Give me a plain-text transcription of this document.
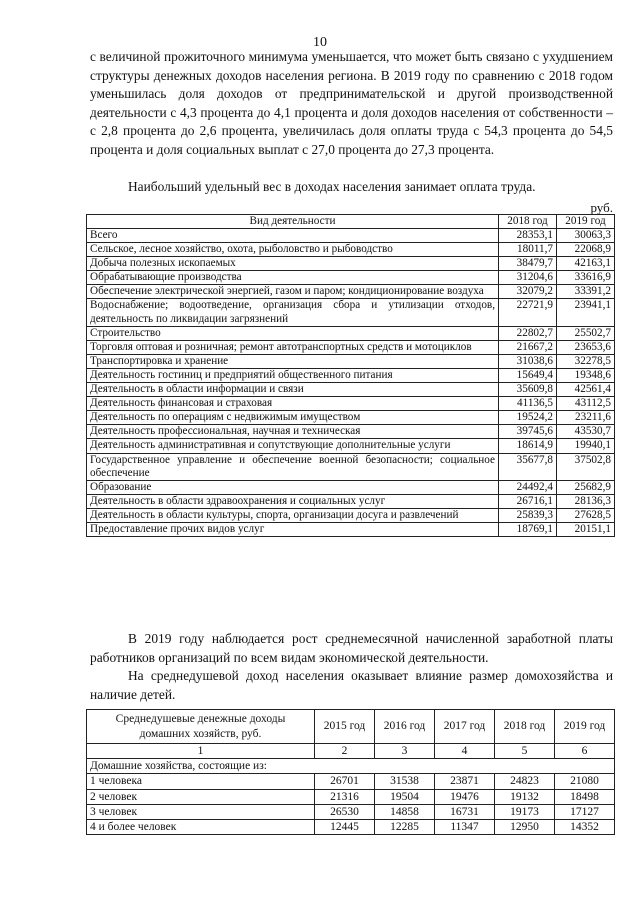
10

с величиной прожиточного минимума уменьшается, что может быть связано с ухудшением структуры денежных доходов населения региона. В 2019 году по сравнению с 2018 годом уменьшилась доля доходов от предпринимательской и другой производственной деятельности с 4,3 процента до 4,1 процента и доля доходов населения от собственности – с 2,8 процента до 2,6 процента, увеличилась доля оплаты труда с 54,3 процента до 54,5 процента и доля социальных выплат с 27,0 процента до 27,3 процента.

Наибольший удельный вес в доходах населения занимает оплата труда.

руб.
Вид деятельности	2018 год	2019 год
Всего	28353,1	30063,3
Сельское, лесное хозяйство, охота, рыболовство и рыбоводство	18011,7	22068,9
Добыча полезных ископаемых	38479,7	42163,1
Обрабатывающие производства	31204,6	33616,9
Обеспечение электрической энергией, газом и паром; кондиционирование воздуха	32079,2	33391,2
Водоснабжение; водоотведение, организация сбора и утилизации отходов, деятельность по ликвидации загрязнений	22721,9	23941,1
Строительство	22802,7	25502,7
Торговля оптовая и розничная; ремонт автотранспортных средств и мотоциклов	21667,2	23653,6
Транспортировка и хранение	31038,6	32278,5
Деятельность гостиниц и предприятий общественного питания	15649,4	19348,6
Деятельность в области информации и связи	35609,8	42561,4
Деятельность финансовая и страховая	41136,5	43112,5
Деятельность по операциям с недвижимым имуществом	19524,2	23211,6
Деятельность профессиональная, научная и техническая	39745,6	43530,7
Деятельность административная и сопутствующие дополнительные услуги	18614,9	19940,1
Государственное управление и обеспечение военной безопасности; социальное обеспечение	35677,8	37502,8
Образование	24492,4	25682,9
Деятельность в области здравоохранения и социальных услуг	26716,1	28136,3
Деятельность в области культуры, спорта, организации досуга и развлечений	25839,3	27628,5
Предоставление прочих видов услуг	18769,1	20151,1

В 2019 году наблюдается рост среднемесячной начисленной заработной платы работников организаций по всем видам экономической деятельности.

На среднедушевой доход населения оказывает влияние размер домохозяйства и наличие детей.

Среднедушевые денежные доходы домашних хозяйств, руб.	2015 год	2016 год	2017 год	2018 год	2019 год
1	2	3	4	5	6
Домашние хозяйства, состоящие из:					
1 человека	26701	31538	23871	24823	21080
2 человек	21316	19504	19476	19132	18498
3 человек	26530	14858	16731	19173	17127
4 и более человек	12445	12285	11347	12950	14352
